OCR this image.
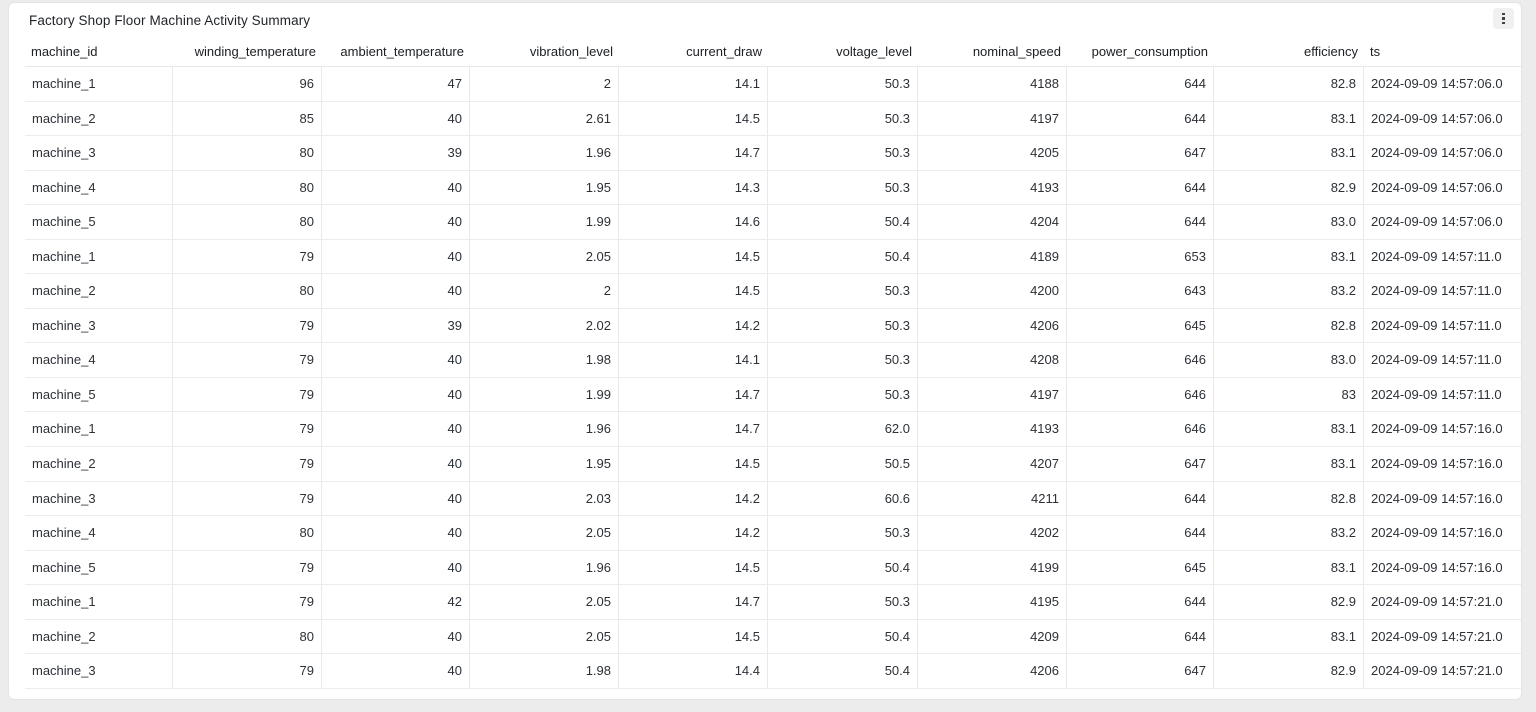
Factory Shop Floor Machine Activity Summary
machine_id	winding_temperature	ambient_temperature	vibration_level	current_draw	voltage_level	nominal_speed	power_consumption	efficiency ts
machine_1	96	47	2	14.1	50.3	4188	644	82.8	2024-09-09 14:57:06.0
machine_2	85	40	2.61	14.5	50.3	4197	644	83.1	2024-09-09 14:57:06.0
machine_3	80	39	1.96	14.7	50.3	4205	647	83.1	2024-09-09 14:57:06.0
machine_4	80	40	1.95	14.3	50.3	4193	644	82.9	2024-09-09 14:57:06.0
machine_5	80	40	1.99	14.6	50.4	4204	644	83.0	2024-09-09 14:57:06.0
machine_1	79	40	2.05	14.5	50.4	4189	653	83.1	2024-09-09 14:57:11.0
machine_2	80	40	2	14.5	50.3	4200	643	83.2	2024-09-09 14:57:11.0
machine_3	79	39	2.02	14.2	50.3	4206	645	82.8	2024-09-09 14:57:11.0
machine_4	79	40	1.98	14.1	50.3	4208	646	83.0	2024-09-09 14:57:11.0
machine_5	79	40	1.99	14.7	50.3	4197	646	83	2024-09-09 14:57:11.0
machine_1	79	40	1.96	14.7	62.0	4193	646	83.1	2024-09-09 14:57:16.0
machine_2	79	40	1.95	14.5	50.5	4207	647	83.1	2024-09-09 14:57:16.0
machine_3	79	40	2.03	14.2	60.6	4211	644	82.8	2024-09-09 14:57:16.0
machine_4	80	40	2.05	14.2	50.3	4202	644	83.2	2024-09-09 14:57:16.0
machine_5	79	40	1.96	14.5	50.4	4199	645	83.1	2024-09-09 14:57:16.0
machine_1	79	42	2.05	14.7	50.3	4195	644	82.9	2024-09-09 14:57:21.0
machine_2	80	40	2.05	14.5	50.4	4209	644	83.1	2024-09-09 14:57:21.0
machine_3	79	40	1.98	14.4	50.4	4206	647	82.9	2024-09-09 14:57:21.0
